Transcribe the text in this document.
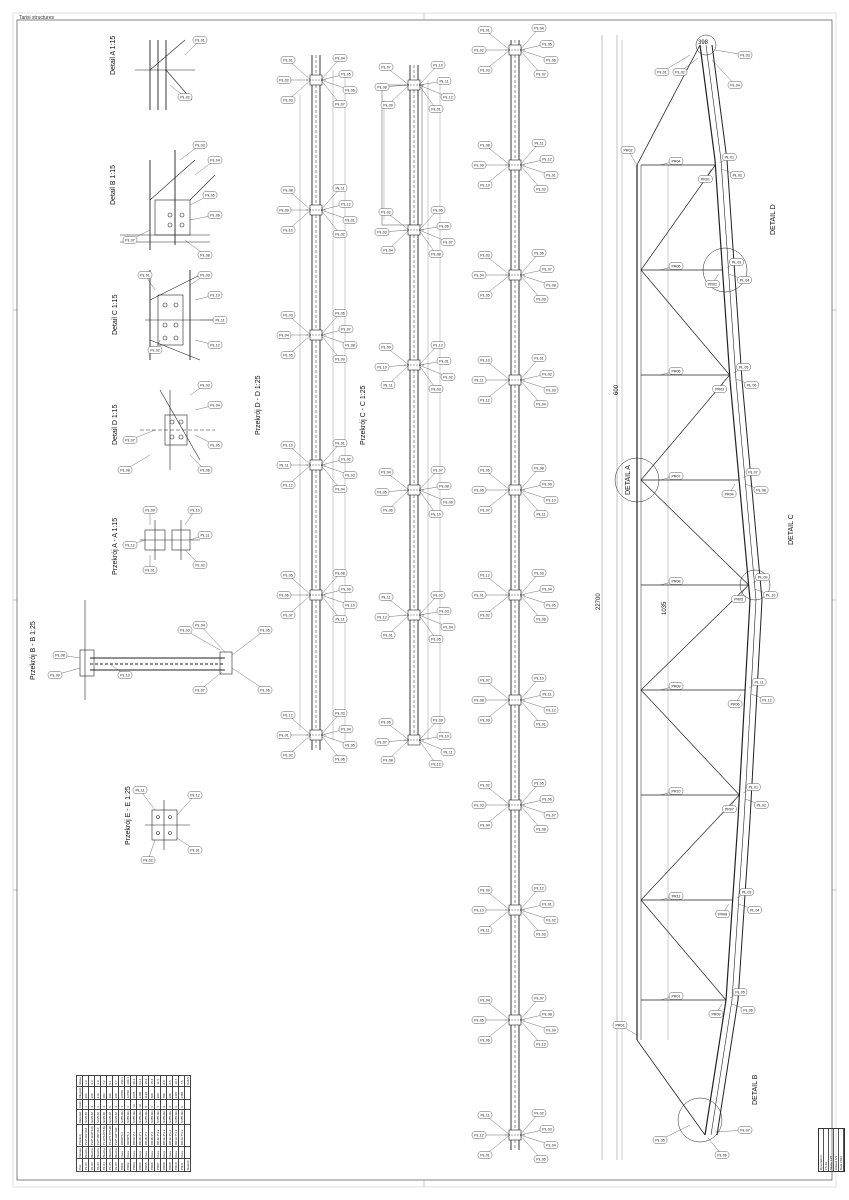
Tarisi structures
PŁ.01
PŁ.02
PR01
PR04
PŁ.03
PŁ.04
PR02
PR05
PŁ.05
PŁ.06
PR03
PR06
PŁ.07
PŁ.08
PR04
PR07
PŁ.09
PŁ.10
PR05
PR08
PŁ.11
PŁ.12
PR06
PR09
PŁ.01
PŁ.02
PR07
PR10
PŁ.03
PŁ.04
PR08
PR11
PŁ.05
PŁ.06
PR09
PR01
PŁ.01 PŁ.02
PŁ.03
PŁ.04
PŁ.05
PŁ.06
PŁ.07
PR01
PR02
PŁ.01
PŁ.02
PŁ.03
PŁ.04
PŁ.05
PŁ.06
PŁ.07
PŁ.08
PŁ.09
PŁ.10
PŁ.11
PŁ.12
PŁ.01
PŁ.02
PŁ.03
PŁ.04
PŁ.05
PŁ.06
PŁ.07
PŁ.08
PŁ.09
PŁ.10
PŁ.11
PŁ.12
PŁ.01
PŁ.02
PŁ.03
PŁ.04
PŁ.05
PŁ.06
PŁ.07
PŁ.08
PŁ.09
PŁ.10
PŁ.11
PŁ.12
PŁ.01
PŁ.02
PŁ.03
PŁ.04
PŁ.05
PŁ.06
PŁ.07
PŁ.08
PŁ.09
PŁ.10
PŁ.11
PŁ.12
PŁ.01
PŁ.02
PŁ.03
PŁ.04
PŁ.05
PŁ.06
PŁ.07
PŁ.08
PŁ.09
PŁ.10
PŁ.11
PŁ.12
PŁ.01
PŁ.02
PŁ.03
PŁ.04
PŁ.05
PŁ.06
PŁ.07
PŁ.08
PŁ.09
PŁ.10
PŁ.11
PŁ.12
PŁ.01
PŁ.02
PŁ.03
PŁ.04
PŁ.05
PŁ.06
PŁ.07
PŁ.08
PŁ.09
PŁ.10
PŁ.11
PŁ.12
PŁ.01
PŁ.02
PŁ.03
PŁ.04
PŁ.05
PŁ.06
PŁ.07
PŁ.08
PŁ.09
PŁ.10
PŁ.11
PŁ.12
PŁ.01
PŁ.02
PŁ.03
PŁ.04
PŁ.05
PŁ.06
PŁ.07
PŁ.08
PŁ.09
PŁ.10
PŁ.11
PŁ.12
PŁ.01
PŁ.02
PŁ.03
PŁ.04
PŁ.05
PŁ.06
PŁ.07
PŁ.08
PŁ.09
PŁ.10
PŁ.11
PŁ.12
PŁ.01
PŁ.02
PŁ.03
PŁ.04
PŁ.05
PŁ.06
PŁ.07
PŁ.08
PŁ.09
PŁ.10
PŁ.11
PŁ.12
PŁ.01
PŁ.02
PŁ.03
PŁ.04
PŁ.05
PŁ.06
PŁ.07
PŁ.08
PŁ.09
PŁ.10
PŁ.11
PŁ.12
PŁ.01
PŁ.02
PŁ.03
PŁ.04
PŁ.05
PŁ.06
PŁ.07
PŁ.08
PŁ.09
PŁ.10
PŁ.11
PŁ.12
PŁ.01
PŁ.02
PŁ.03
PŁ.04
PŁ.05
PŁ.01
PŁ.02
PŁ.03
PŁ.04
PŁ.05
PŁ.06
PŁ.07
PŁ.08
PŁ.09
PŁ.10
PŁ.11
PŁ.12
PŁ.01
PŁ.02
PŁ.03
PŁ.04
PŁ.05
PŁ.06
PŁ.07
PŁ.08
PŁ.09	PŁ.10
PŁ.11
PŁ.12
PŁ.01
PŁ.02
PŁ.03
PŁ.04
PŁ.05
PŁ.06
PŁ.07
PŁ.08
PŁ.09	PŁ.10
PŁ.11
PŁ.12
PŁ.01
PŁ.02
Detail A 1:15
Detail B 1:15
Detail C 1:15
Detail D 1:15
Przekrój A - A 1:15
Przekrój B - B 1:25
Przekrój E - E 1:25
Przekrój D - D 1:25	Przekrój C - C 1:25
DETAIL D
DETAIL A
DETAIL C
DETAIL B
22700
398
1035
600
Poz.	Nazwa	Przekrój	Materiał	Ilość	Długość	Masa
PŁ.01	Blacha	PL6*101*204	S235JR	1	204	1.0
PŁ.02	Blacha	PL8*1110*160	S235JR	4	160	4.3
PŁ.03	Blacha	PL8*180*210	S235JR	2	210	2.9
PŁ.04	Blacha	PL10*125*183	S235JR	4	183	7.2
PŁ.05	Blacha	PL10*170*190	S235JR	2	190	5.1
PŁ.06	Blacha	PL8*140*190	S235JR	4	190	6.7
PR01	Rura	RO89*6.3	S355J2H	1	22700	290.1
PR02	Rura	RO89*6.3	S355J2H	1	22700	290.1
PR03	Rura	RO60.3*4	S355J2H	12	1035	68.4
PR04	Rura	RO48.3*4	S355J2H	10	1480	64.2
PR05	Rura	RO48.3*4	S355J2H	8	1120	38.9
PR06	Rura	RO48.3*4	S355J2H	6	600	15.6
PR07	Rura	RO42.4*3.2	S355J2H	4	920	11.5
PR08	Rura	RO42.4*3.2	S355J2H	4	780	9.8
PR09	Rura	RO42.4*3.2	S355J2H	2	398	2.5
PR10	Rura	RO33.7*3.2	S355J2H	2	2115	10.7
PR11	Rura	RO33.7*3.2	S355J2H	2	1480	7.5
Razem						836.5
Rysunek nr TS-01 Skala 1:25 Arkusz 1/1 Data 2023
